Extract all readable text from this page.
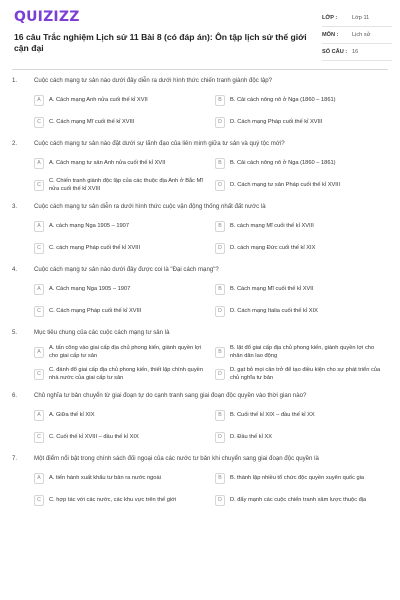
QUIZIZZ
16 câu Trắc nghiệm Lịch sử 11 Bài 8 (có đáp án): Ôn tập lịch sử thế giới cận đại
LỚP :	Lớp 11
MÔN :	Lịch sử
SỐ CÂU : 16
1.	Cuộc cách mạng tư sản nào dưới đây diễn ra dưới hình thức chiến tranh giành độc lập?
A	A. Cách mạng Anh nửa cuối thế kỉ XVII	B	B. Cải cách nông nô ở Nga (1860 – 1861)
C	C. Cách mạng Mĩ cuối thế kỉ XVIII	D	D. Cách mạng Pháp cuối thế kỉ XVIII
2.	Cuộc cách mạng tư sản nào đặt dưới sự lãnh đạo của liên minh giữa tư sản và quý tộc mới?
A	A. Cách mạng tư sản Anh nửa cuối thế kỉ XVII	B	B. Cải cách nông nô ở Nga (1860 – 1861)
C
C. Chiến tranh giành độc lập của các thuộc địa Anh ở Bắc Mĩ nửa cuối thế kỉ XVIII
D	D. Cách mạng tư sản Pháp cuối thế kỉ XVIII
3.	Cuộc cách mạng tư sản diễn ra dưới hình thức cuộc vận động thống nhất đất nước là
A	A. cách mạng Nga 1905 – 1907	B	B. cách mạng Mĩ cuối thế kỉ XVIII
C	C. cách mạng Pháp cuối thế kỉ XVIII	D	D. cách mạng Đức cuối thế kỉ XIX
4.	Cuộc cách mạng tư sản nào dưới đây được coi là "Đại cách mạng"?
A	A. Cách mạng Nga 1905 – 1907	B	B. Cách mạng Mĩ cuối thế kỉ XVII
C	C. Cách mạng Pháp cuối thế kỉ XVIII	D	D. Cách mạng Italia cuối thế kỉ XIX
5.	Mục tiêu chung của các cuộc cách mạng tư sản là
A
A. tấn công vào giai cấp địa chủ phong kiến, giành quyền lợi cho giai cấp tư sản
B
B. lật đổ giai cấp địa chủ phong kiến, giành quyền lợi cho nhân dân lao động
C
C. đánh đổ giai cấp địa chủ phong kiến, thiết lập chính quyền nhà nước của giai cấp tư sản
D
D. gạt bỏ mọi cản trở để tạo điều kiện cho sự phát triển của chủ nghĩa tư bản
6.	Chủ nghĩa tư bản chuyển từ giai đoạn tự do cạnh tranh sang giai đoạn độc quyền vào thời gian nào?
A	A. Giữa thế kỉ XIX	B	B. Cuối thế kỉ XIX – đầu thế kỉ XX
C	C. Cuối thế kỉ XVIII – đầu thế kỉ XIX	D	D. Đầu thế kỉ XX
7.	Một điểm nổi bật trong chính sách đối ngoại của các nước tư bản khi chuyển sang giai đoạn độc quyền là
A	A. tiến hành xuất khẩu tư bản ra nước ngoài	B	B. thành lập nhiều tổ chức độc quyền xuyên quốc gia
C	C. hợp tác với các nước, các khu vực trên thế giới	D	D. đẩy mạnh các cuộc chiến tranh xâm lược thuộc địa
